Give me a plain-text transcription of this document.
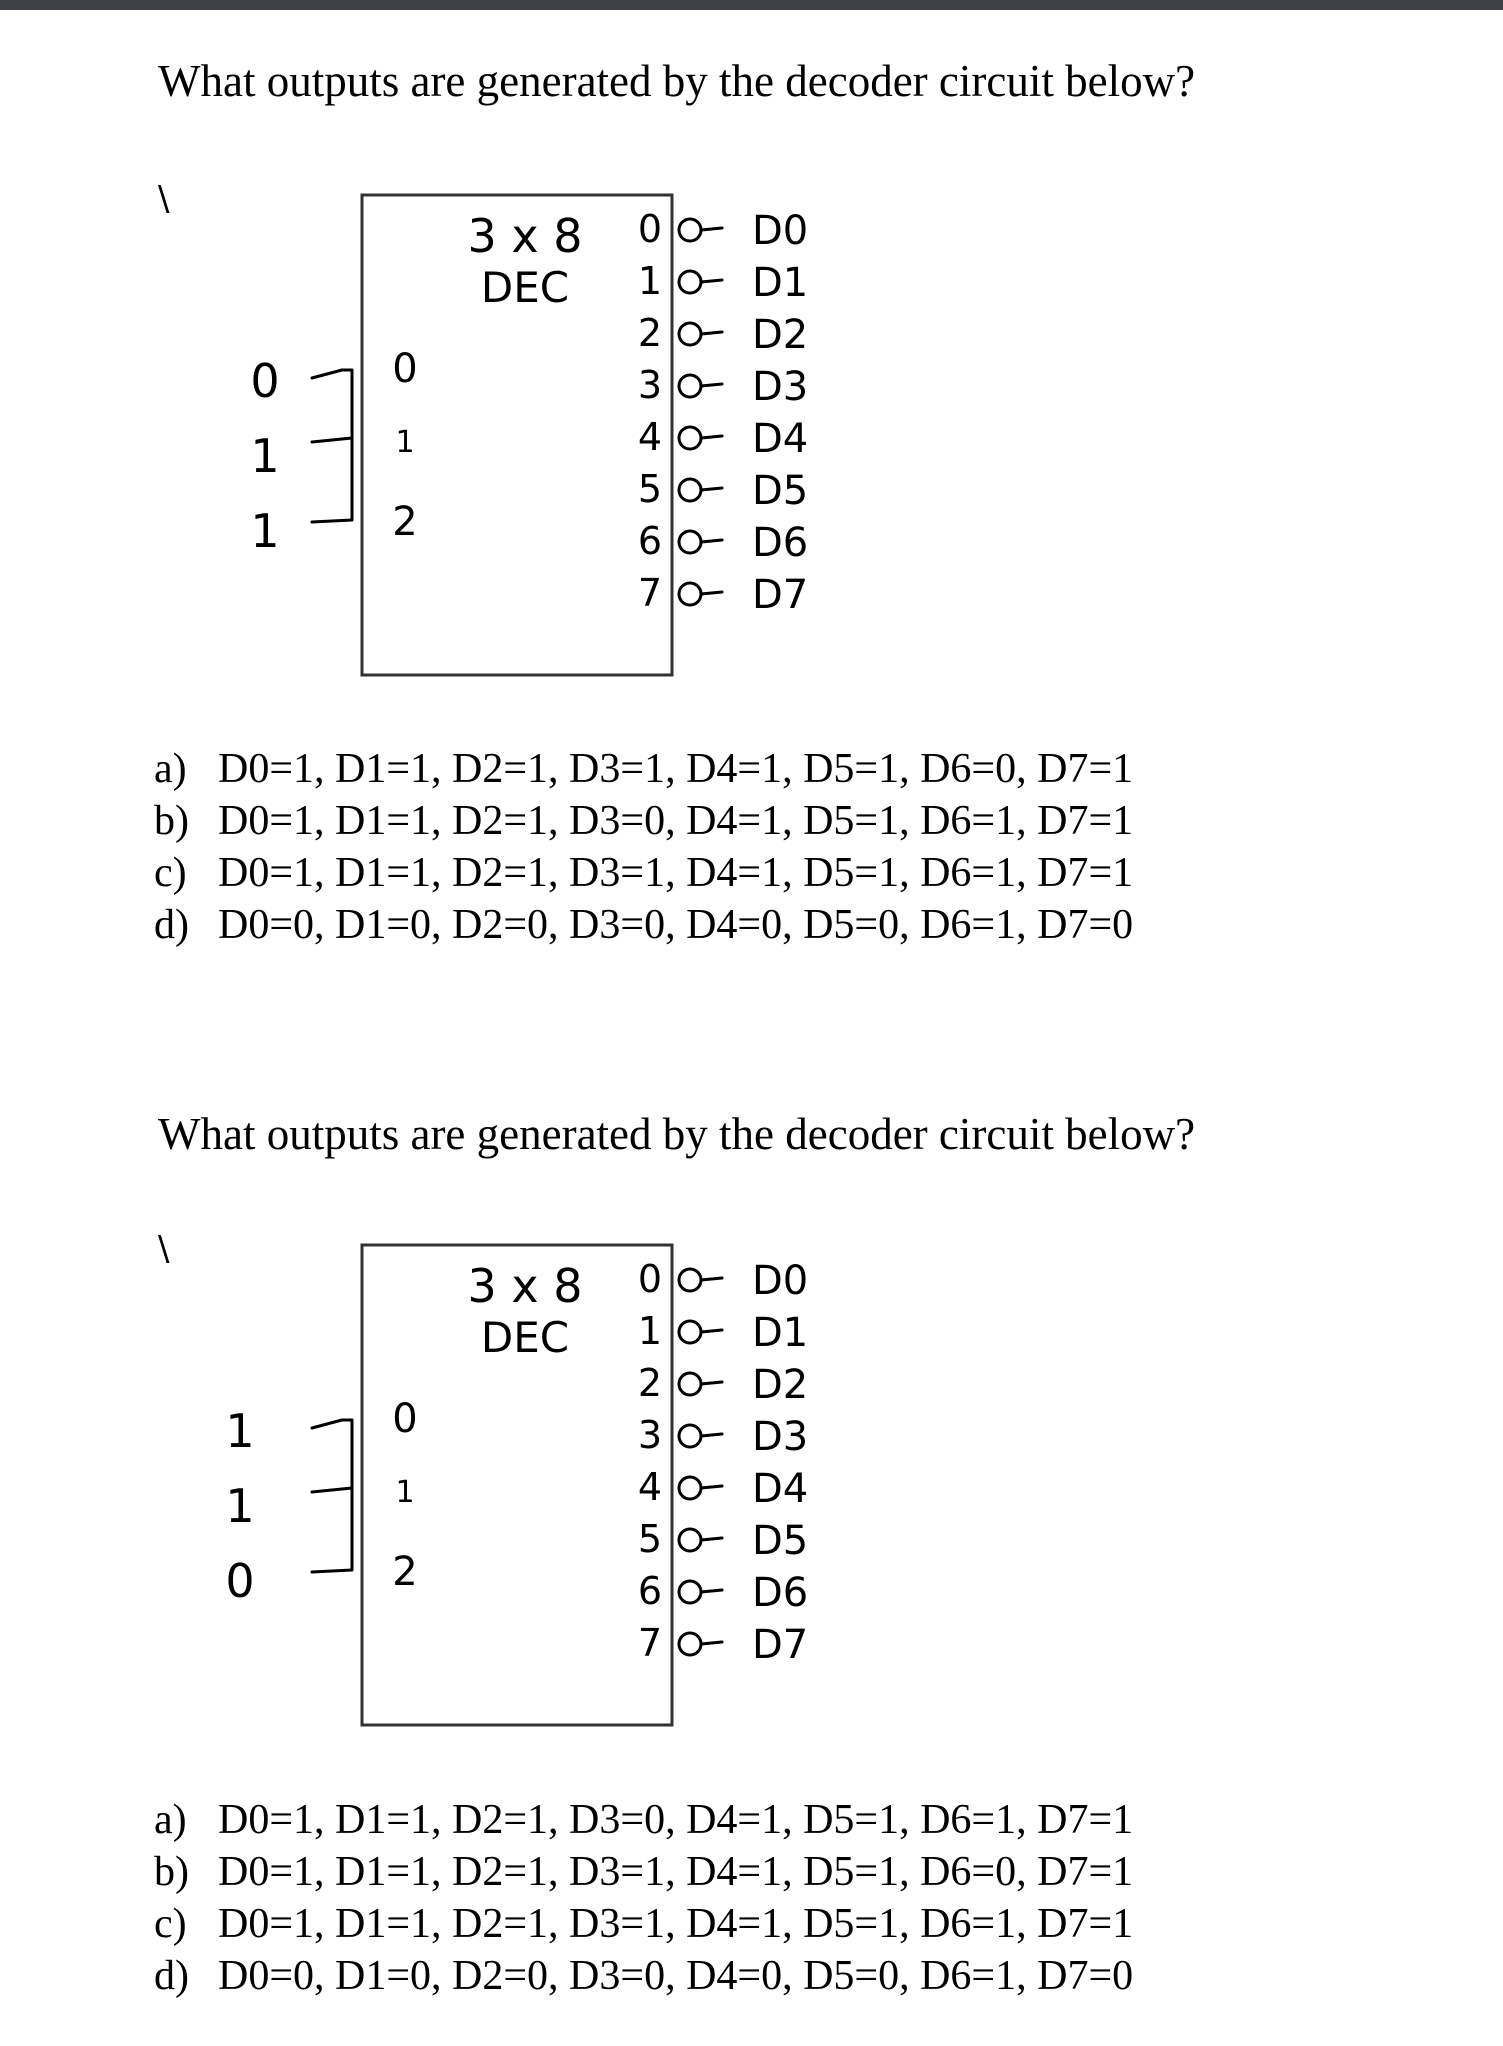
What outputs are generated by the decoder circuit below?
\
3 x 8
DEC
0
1
1
0
1
2
0
1
2
3
4
5
6
7
D0
D1
D2
D3
D4
D5
D6
D7
a) D0=1, D1=1, D2=1, D3=1, D4=1, D5=1, D6=0, D7=1
b) D0=1, D1=1, D2=1, D3=0, D4=1, D5=1, D6=1, D7=1
c) D0=1, D1=1, D2=1, D3=1, D4=1, D5=1, D6=1, D7=1
d) D0=0, D1=0, D2=0, D3=0, D4=0, D5=0, D6=1, D7=0
What outputs are generated by the decoder circuit below?
\
3 x 8
DEC
1
1
0
0
1
2
0
1
2
3
4
5
6
7
D0
D1
D2
D3
D4
D5
D6
D7
a) D0=1, D1=1, D2=1, D3=0, D4=1, D5=1, D6=1, D7=1
b) D0=1, D1=1, D2=1, D3=1, D4=1, D5=1, D6=0, D7=1
c) D0=1, D1=1, D2=1, D3=1, D4=1, D5=1, D6=1, D7=1
d) D0=0, D1=0, D2=0, D3=0, D4=0, D5=0, D6=1, D7=0
